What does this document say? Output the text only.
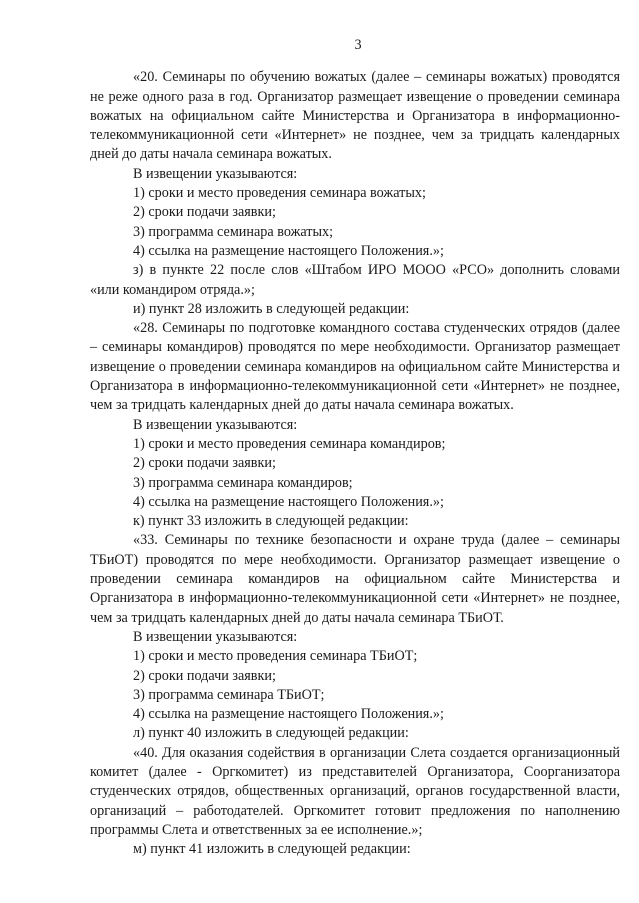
3

«20. Семинары по обучению вожатых (далее – семинары вожатых) проводятся не реже одного раза в год. Организатор размещает извещение о проведении семинара вожатых на официальном сайте Министерства и Организатора в информационно-телекоммуникационной сети «Интернет» не позднее, чем за тридцать календарных дней до даты начала семинара вожатых.

В извещении указываются:

1) сроки и место проведения семинара вожатых;

2) сроки подачи заявки;

3) программа семинара вожатых;

4) ссылка на размещение настоящего Положения.»;

з) в пункте 22 после слов «Штабом ИРО МООО «РСО» дополнить словами «или командиром отряда.»;

и) пункт 28 изложить в следующей редакции:

«28. Семинары по подготовке командного состава студенческих отрядов (далее – семинары командиров) проводятся по мере необходимости. Организатор размещает извещение о проведении семинара командиров на официальном сайте Министерства и Организатора в информационно-телекоммуникационной сети «Интернет» не позднее, чем за тридцать календарных дней до даты начала семинара вожатых.

В извещении указываются:

1) сроки и место проведения семинара командиров;

2) сроки подачи заявки;

3) программа семинара командиров;

4) ссылка на размещение настоящего Положения.»;

к) пункт 33 изложить в следующей редакции:

«33. Семинары по технике безопасности и охране труда (далее – семинары ТБиОТ) проводятся по мере необходимости. Организатор размещает извещение о проведении семинара командиров на официальном сайте Министерства и Организатора в информационно-телекоммуникационной сети «Интернет» не позднее, чем за тридцать календарных дней до даты начала семинара ТБиОТ.

В извещении указываются:

1) сроки и место проведения семинара ТБиОТ;

2) сроки подачи заявки;

3) программа семинара ТБиОТ;

4) ссылка на размещение настоящего Положения.»;

л) пункт 40 изложить в следующей редакции:

«40. Для оказания содействия в организации Слета создается организационный комитет (далее - Оргкомитет) из представителей Организатора, Соорганизатора студенческих отрядов, общественных организаций, органов государственной власти, организаций – работодателей. Оргкомитет готовит предложения по наполнению программы Слета и ответственных за ее исполнение.»;

м) пункт 41 изложить в следующей редакции:
